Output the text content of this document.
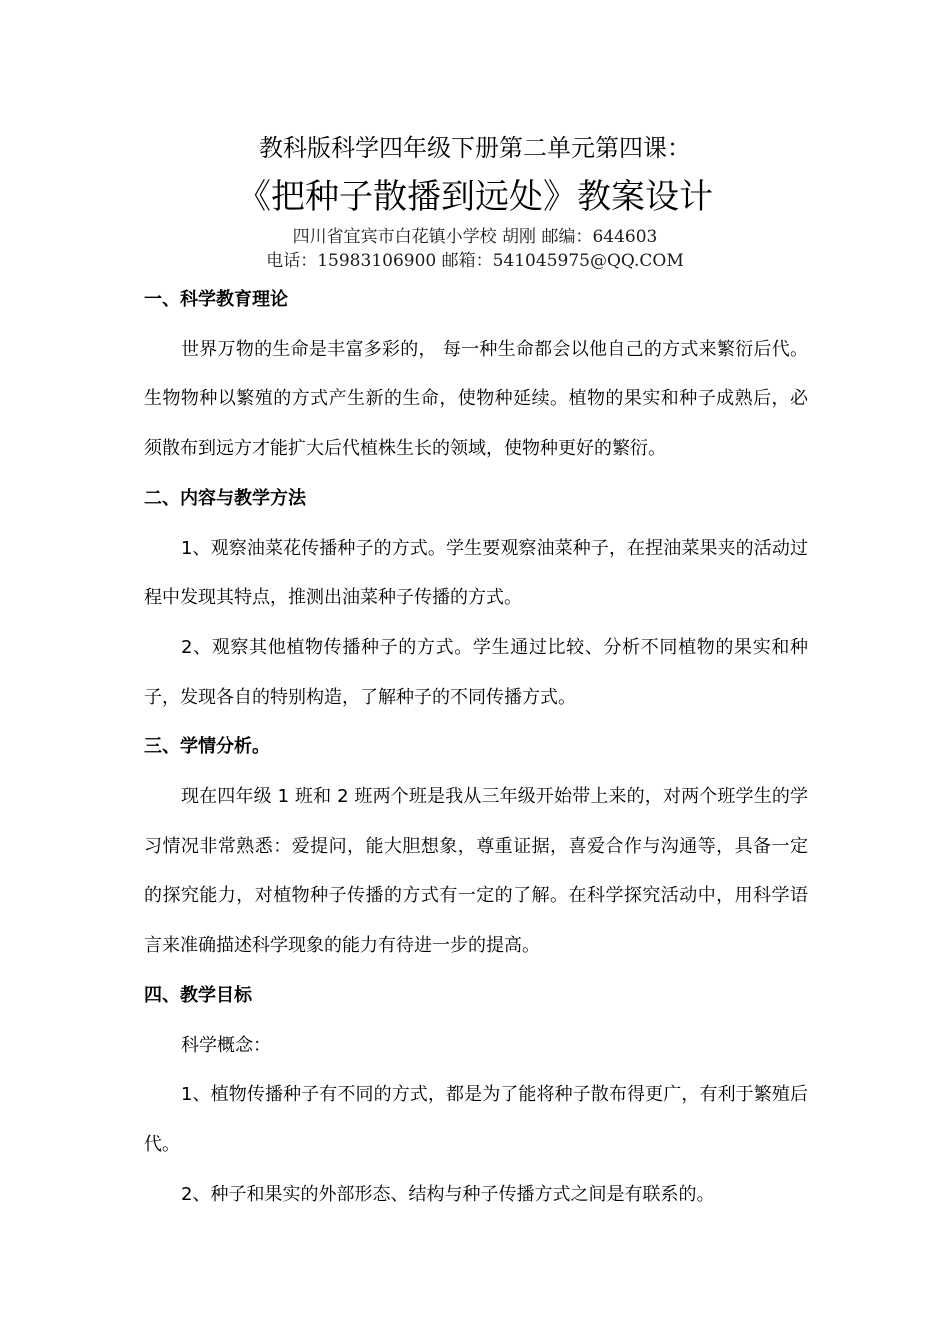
教科版科学四年级下册第二单元第四课：
《把种子散播到远处》教案设计
四川省宜宾市白花镇小学校 胡刚 邮编：644603
电话：15983106900 邮箱：541045975@QQ.COM

一、科学教育理论

世界万物的生命是丰富多彩的， 每一种生命都会以他自己的方式来繁衍后代。生物物种以繁殖的方式产生新的生命，使物种延续。植物的果实和种子成熟后，必须散布到远方才能扩大后代植株生长的领域，使物种更好的繁衍。

二、内容与教学方法

1、观察油菜花传播种子的方式。学生要观察油菜种子，在捏油菜果夹的活动过程中发现其特点，推测出油菜种子传播的方式。

2、观察其他植物传播种子的方式。学生通过比较、分析不同植物的果实和种子，发现各自的特别构造，了解种子的不同传播方式。

三、学情分析。

现在四年级 1 班和 2 班两个班是我从三年级开始带上来的，对两个班学生的学习情况非常熟悉：爱提问，能大胆想象，尊重证据，喜爱合作与沟通等，具备一定的探究能力，对植物种子传播的方式有一定的了解。在科学探究活动中，用科学语言来准确描述科学现象的能力有待进一步的提高。

四、教学目标

科学概念：

1、植物传播种子有不同的方式，都是为了能将种子散布得更广，有利于繁殖后代。

2、种子和果实的外部形态、结构与种子传播方式之间是有联系的。
